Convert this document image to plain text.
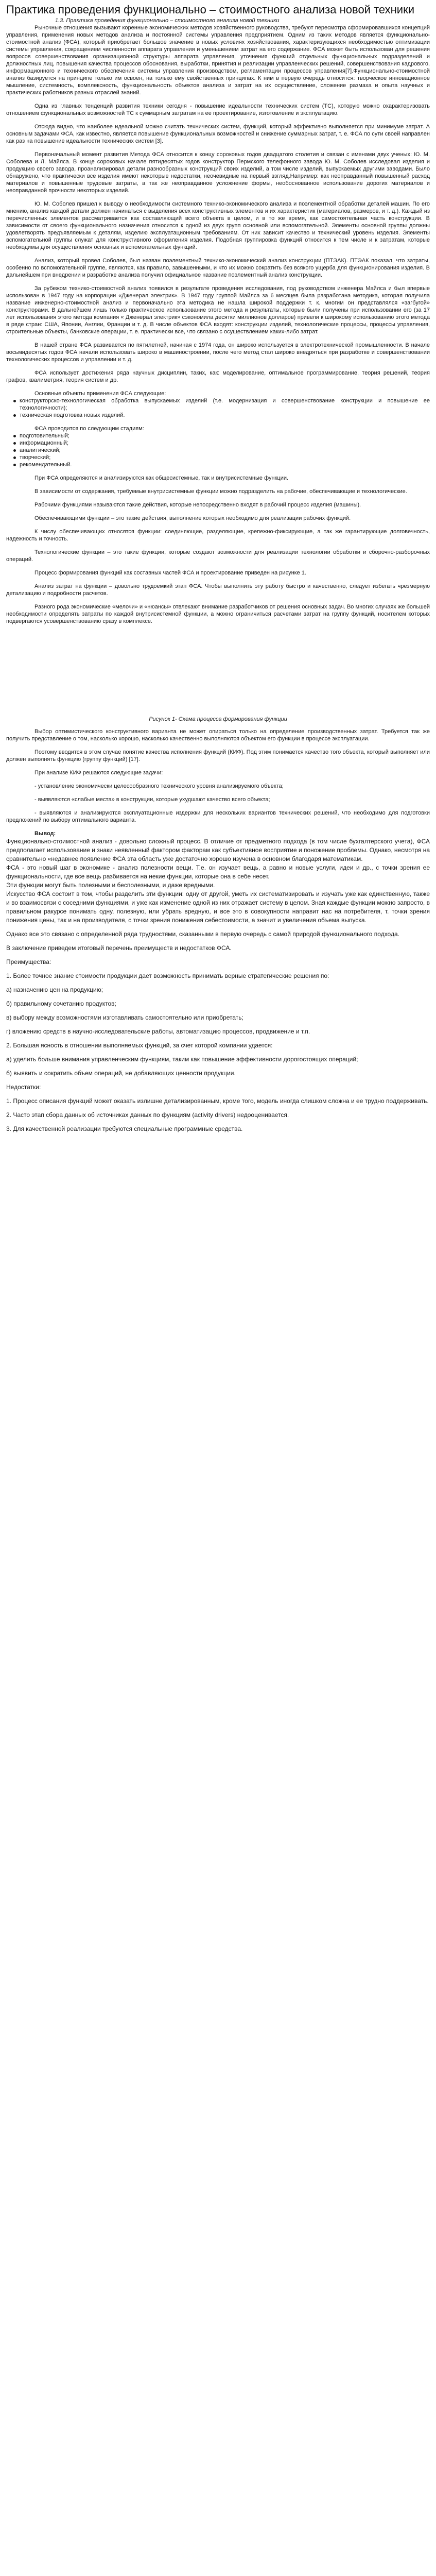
Практика проведения функционально – стоимостного анализа новой техники

1.3. Практика проведения функционально – стоимостного анализа новой техники

Рыночные отношения вызывают коренные экономических методов хозяйственного руководства, требуют пересмотра сформировавшихся концепций управления, применения новых методов анализа и постоянной системы управления предприятием. Одним из таких методов является функционально-стоимостной анализ (ФСА), который приобретает большое значение в новых условиях хозяйствования, характеризующихся необходимостью оптимизации системы управления, сокращением численности аппарата управления и уменьшением затрат на его содержание. ФСА может быть использован для решения вопросов совершенствования организационной структуры аппарата управления, уточнения функций отдельных функциональных подразделений и должностных лиц, повышения качества процессов обоснования, выработки, принятия и реализации управленческих решений, совершенствования кадрового, информационного и технического обеспечения системы управления производством, регламентации процессов управления[7].Функционально-стоимостной анализ базируется на принципе только им освоен, на только ему свойственных принципах. К ним в первую очередь относится: творческое инновационное мышление, системность, комплексность, функциональность объектов анализа и затрат на их осуществление, сложение размахa и опыта научных и практических работников разных отраслей знаний.

Одна из главных тенденций развития техники сегодня - повышение идеальности технических систем (ТС), которую можно охарактеризовать отношением функциональных возможностей ТС к суммарным затратам на ее проектирование, изготовление и эксплуатацию.

Отсюда видно, что наиболее идеальной можно считать технических систем, функций, который эффективно выполняется при минимуме затрат. А основным задачами ФСА, как известно, является повышение функциональных возможностей и снижение суммарных затрат, т. е. ФСА по сути своей направлен как раз на повышение идеальности технических систем [3].

Первоначальный момент развития Метода ФСА относится к концу сороковых годов двадцатого столетия и связан с именами двух ученых: Ю. М. Соболева и Л. Майлса. В конце сороковых начале пятидесятых годов конструктор Пермского телефонного завода Ю. М. Соболев исследовал изделия и продукцию своего завода, проанализировал детали разнообразных конструкций своих изделий, а том числе изделий, выпускаемых другими заводами. Было обнаружено, что практически все изделия имеют некоторые недостатки, неочевидные на первый взгляд.Например: как неоправданный повышенный расход материалов и повышенные трудовые затраты, а так же неоправданное усложнение формы, необоснованное использование дорогих материалов и неоправданной прочности некоторых изделий.

Ю. М. Соболев пришел к выводу о необходимости системного технико-экономического анализа и поэлементной обработки деталей машин. По его мнению, анализ каждой детали должен начинаться с выделения всех конструктивных элементов и их характеристик (материалов, размеров, и т. д.). Каждый из перечисленных элементов рассматривается как составляющий всего объекта в целом, и в то же время, как самостоятельная часть конструкции. В зависимости от своего функционального назначения относится к одной из двух групп основной или вспомогательной. Элементы основной группы должны удовлетворять предъявляемым к деталям, изделию эксплуатационным требованиям. От них зависит качество и технический уровень изделия. Элементы вспомогательной группы служат для конструктивного оформления изделия. Подобная группировка функций относится к тем числе и к затратам, которые необходимы для осуществления основных и вспомогательных функций.

Анализ, который провел Соболев, был назван поэлементный технико-экономический анализ конструкции (ПТЭАК). ПТЭАК показал, что затраты, особенно по вспомогательной группе, являются, как правило, завышенными, и что их можно сократить без всякого ущерба для функционирования изделия. В дальнейшем при внедрении и разработке анализа получил официальное название поэлементный анализ конструкции.

За рубежом технико-стоимостной анализ появился в результате проведения исследования, под руководством инженера Майлса и был впервые использован в 1947 году на корпорации «Дженерал электрик». В 1947 году группой Майлса за 6 месяцев была разработана методика, которая получила название инженерно-стоимостной анализ и первоначально эта методика не нашла широкой поддержки т. к. многим он представлялся «загбугой» конструкторами. В дальнейшем лишь только практическое использование этого метода и результаты, которые были получены при использовании его (за 17 лет использования этого метода компания « Дженерал электрик» сэкономила десятки миллионов долларов) привели к широкому использованию этого метода в ряде стран: США, Японии, Англии, Франции и т. д. В числе объектов ФСА входят: конструкции изделий, технологические процессы, процессы управления, строительные объекты, банковские операции, т. е. практически все, что связано с осуществлением каких-либо затрат.

В нашей стране ФСА развивается по пятилетней, начиная с 1974 года, он широко используется в электротехнической промышленности. В начале восьмидесятых годов ФСА начали использовать широко в машиностроении, после чего метод стал широко внедряться при разработке и совершенствовании технологических процессов и управлении и т. д.

ФСА использует достижения ряда научных дисциплин, таких, как: моделирование, оптимальное программирование, теория решений, теория графов, квалиметрия, теория систем и др.

Основные объекты применения ФСА следующие:

конструкторско-технологическая обработка выпускаемых изделий (т.е. модернизация и совершенствование конструкции и повышение ее технологичности);
техническая подготовка новых изделий.

ФСА проводится по следующим стадиям:

подготовительный;
информационный;
аналитический;
творческий;
рекомендательный.

При ФСА определяются и анализируются как общесистемные, так и внутрисистемные функции.

В зависимости от содержания, требуемые внутрисистемные функции можно подразделить на рабочие, обеспечивающие и технологические.

Рабочими функциями называются такие действия, которые непосредственно входят в рабочий процесс изделия (машины).

Обеспечивающими функции – это такие действия, выполнение которых необходимо для реализации рабочих функций.

К числу обеспечивающих относятся функции: соединяющие, разделяющие, крепежно-фиксирующие, а так же гарантирующие долговечность, надежность и точность.

Технологические функции – это такие функции, которые создают возможности для реализации технологии обработки и сборочно-разборочных операций.

Процесс формирования функций как составных частей ФСА и проектирование приведен на рисунке 1.

Анализ затрат на функции – довольно трудоемкий этап ФСА. Чтобы выполнить эту работу быстро и качественно, следует избегать чрезмерную детализацию и подробности расчетов.

Разного рода экономические «мелочи» и «нюансы» отвлекают внимание разработчиков от решения основных задач. Во многих случаях же большей необходимости определять затраты по каждой внутрисистемной функции, а можно ограничиться расчетами затрат на группу функций, носителем которых подвергаются усовершенствованию сразу в комплексе.

Рисунок 1- Схема процесса формирования функции

Выбор оптимистического конструктивного варианта не может опираться только на определение производственных затрат. Требуется так же получить представление о том, насколько хорошо, насколько качественно выполняются объектом его функции в процессе эксплуатации.

Поэтому вводится в этом случае понятие качества исполнения функций (КИФ). Под этим понимается качество того объекта, который выполняет или должен выполнять функцию (группу функций) [17].

При анализе КИФ решаются следующие задачи:

- установление экономически целесообразного технического уровня анализируемого объекта;

- выявляются «слабые места» в конструкции, которые ухудшают качество всего объекта;

- выявляются и анализируются эксплуатационные издержки для нескольких вариантов технических решений, что необходимо для подготовки предложений по выбору оптимального варианта.

Вывод:

Функционально-стоимостной анализ - довольно сложный процесс. В отличие от предметного подхода (в том числе бухгалтерского учета), ФСА предполагает использование и знаки неявленный фактором факторам как субъективное восприятие и поножение проблемы. Однако, несмотря на сравнительно «недавнее появление ФСА эта область уже достаточно хорошо изучена в основном благодаря математикам.

ФСА - это новый шаг в экономике - анализ полезности вещи. Т.е. он изучает вещь, а равно и новые услуги, идеи и др., с точки зрения ее функциональности, где все вещь разбивается на некие функции, которые она в себе несет.

Эти функции могут быть полезными и бесполезными, и даже вредными.

Искусство ФСА состоит в том, чтобы разделить эти функции: одну от другой, уметь их систематизировать и изучать уже как единственную, также и во взаимосвязи с соседними функциями, и уже как изменение одной из них отражает систему в целом. Зная каждые функции можно запросто, в правильном ракурсе понимать одну, полезную, или убрать вредную, и все это в совокупности направит нас на потребителя, т. точки зрения понижения цены, так и на производителя, с точки зрения понижения себестоимости, а значит и увеличения объема выпуска.

Однако все это связано с определенной ряда трудностями, сказанными в первую очередь с самой природой функционального подхода.

В заключение приведем итоговый перечень преимуществ и недостатков ФСА.

Преимущества:

1. Более точное знание стоимости продукции дает возможность принимать верные стратегические решения по:

а) назначению цен на продукцию;

б) правильному сочетанию продуктов;

в) выбору между возможностями изготавливать самостоятельно или приобретать;

г) вложению средств в научно-исследовательские работы, автоматизацию процессов, продвижение и т.п.

2. Большая ясность в отношении выполняемых функций, за счет которой компании удается:

а) уделить больше внимания управленческим функциям, таким как повышение эффективности дорогостоящих операций;

б) выявить и сократить объем операций, не добавляющих ценности продукции.

Недостатки:

1. Процесс описания функций может оказать излишне детализированным, кроме того, модель иногда слишком сложна и ее трудно поддерживать.

2. Часто этап сбора данных об источниках данных по функциям (activity drivers) недооценивается.

3. Для качественной реализации требуются специальные программные средства.
